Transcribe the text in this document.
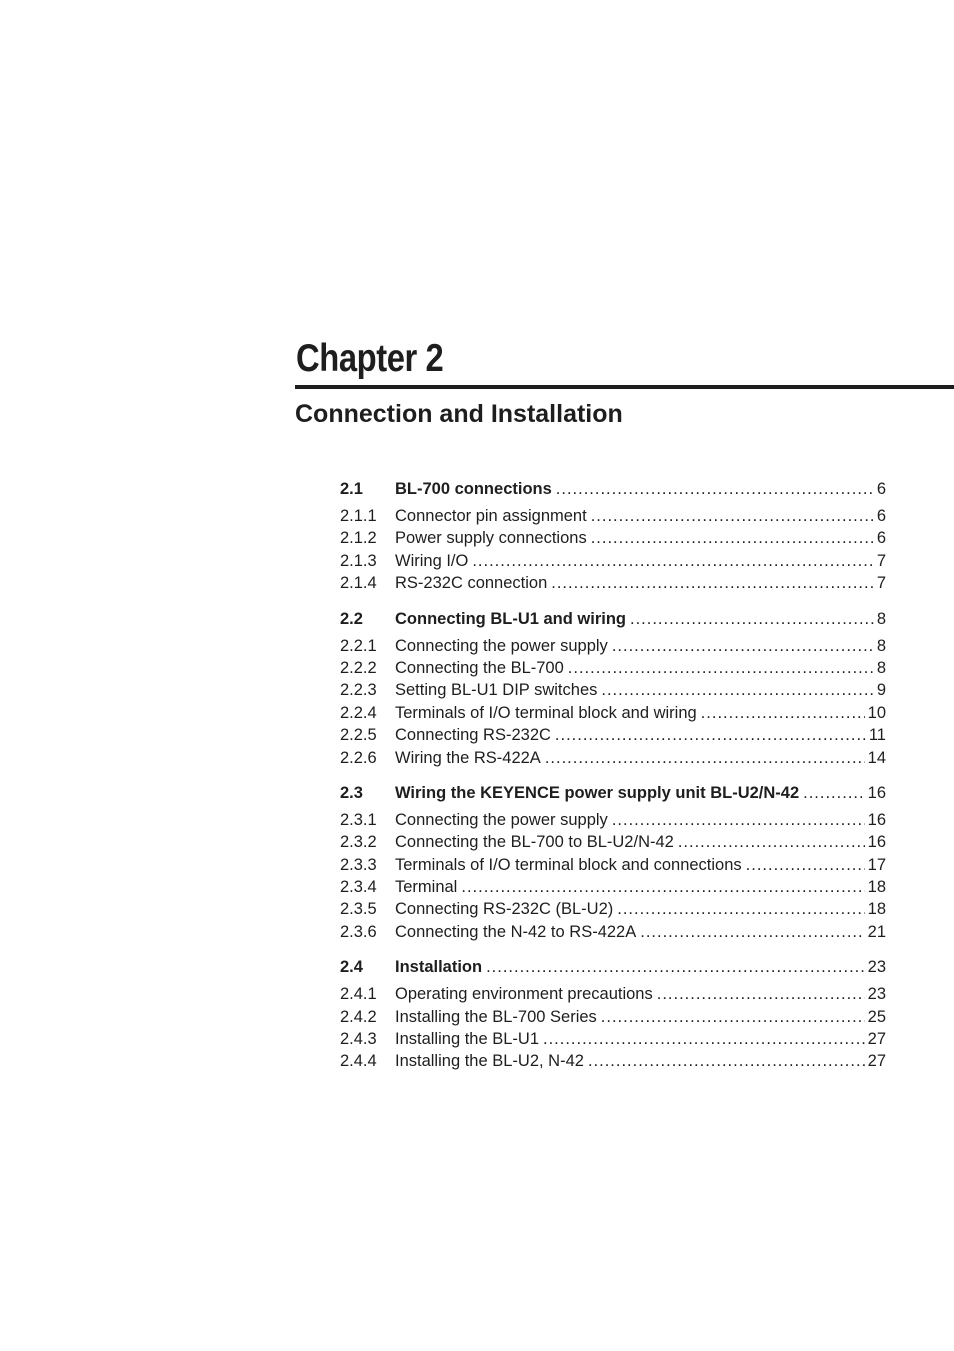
Chapter 2
Connection and Installation
2.1	BL-700 connections .....	6
2.1.1	Connector pin assignment .....	6
2.1.2	Power supply connections .....	6
2.1.3	Wiring I/O .....	7
2.1.4	RS-232C connection .....	7
2.2	Connecting BL-U1 and wiring .....	8
2.2.1	Connecting the power supply .....	8
2.2.2	Connecting the BL-700 .....	8
2.2.3	Setting BL-U1 DIP switches .....	9
2.2.4	Terminals of I/O terminal block and wiring .....	10
2.2.5	Connecting RS-232C .....	11
2.2.6	Wiring the RS-422A .....	14
2.3	Wiring the KEYENCE power supply unit BL-U2/N-42 .....	16
2.3.1	Connecting the power supply .....	16
2.3.2	Connecting the BL-700 to BL-U2/N-42 .....	16
2.3.3	Terminals of I/O terminal block and connections .....	17
2.3.4	Terminal .....	18
2.3.5	Connecting RS-232C (BL-U2) .....	18
2.3.6	Connecting the N-42 to RS-422A .....	21
2.4	Installation .....	23
2.4.1	Operating environment precautions .....	23
2.4.2	Installing the BL-700 Series .....	25
2.4.3	Installing the BL-U1 .....	27
2.4.4	Installing the BL-U2, N-42 .....	27
